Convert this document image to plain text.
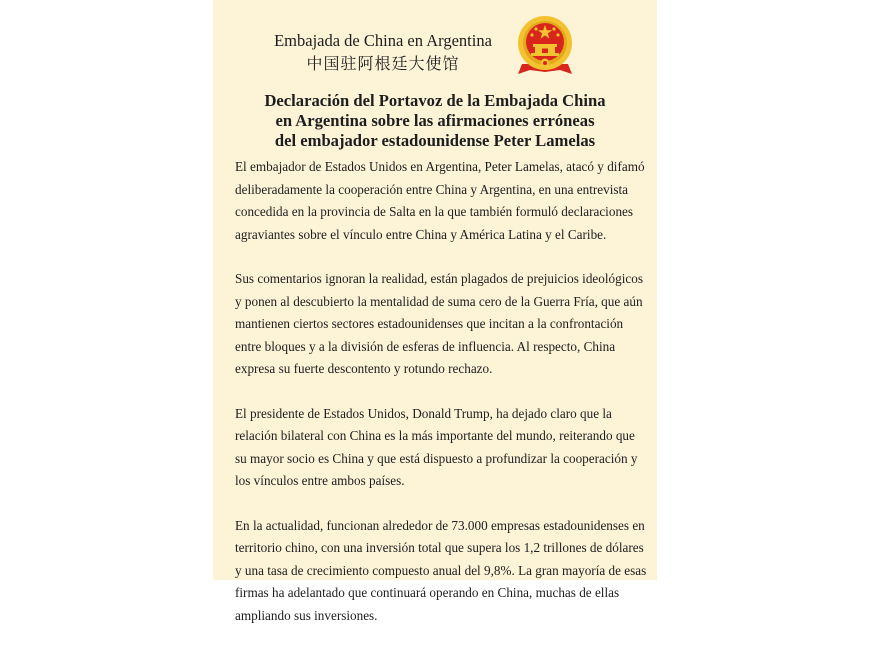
Embajada de China en Argentina
中国驻阿根廷大使馆
Declaración del Portavoz de la Embajada China
en Argentina sobre las afirmaciones erróneas
del embajador estadounidense Peter Lamelas
El embajador de Estados Unidos en Argentina, Peter Lamelas, atacó y difamó
deliberadamente la cooperación entre China y Argentina, en una entrevista
concedida en la provincia de Salta en la que también formuló declaraciones
agraviantes sobre el vínculo entre China y América Latina y el Caribe.
Sus comentarios ignoran la realidad, están plagados de prejuicios ideológicos
y ponen al descubierto la mentalidad de suma cero de la Guerra Fría, que aún
mantienen ciertos sectores estadounidenses que incitan a la confrontación
entre bloques y a la división de esferas de influencia. Al respecto, China
expresa su fuerte descontento y rotundo rechazo.
El presidente de Estados Unidos, Donald Trump, ha dejado claro que la
relación bilateral con China es la más importante del mundo, reiterando que
su mayor socio es China y que está dispuesto a profundizar la cooperación y
los vínculos entre ambos países.
En la actualidad, funcionan alrededor de 73.000 empresas estadounidenses en
territorio chino, con una inversión total que supera los 1,2 trillones de dólares
y una tasa de crecimiento compuesto anual del 9,8%. La gran mayoría de esas
firmas ha adelantado que continuará operando en China, muchas de ellas
ampliando sus inversiones.
